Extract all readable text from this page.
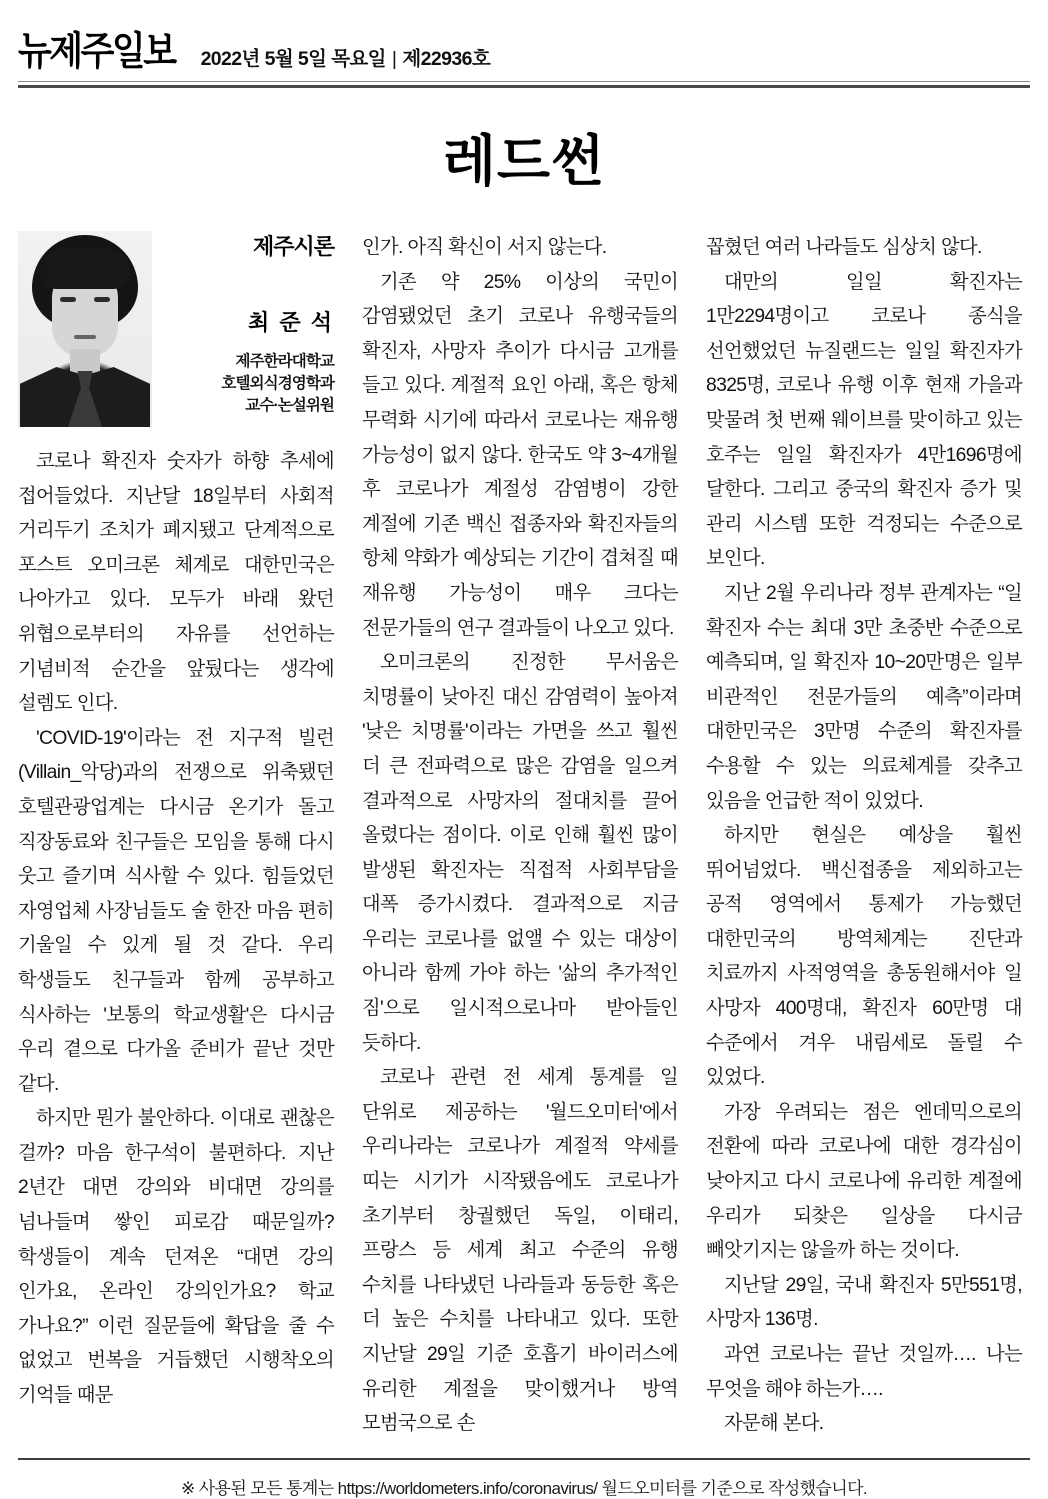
뉴제주일보 2022년 5월 5일 목요일 | 제22936호
레드썬
제주시론
최 준 석
제주한라대학교
호텔외식경영학과
교수·논설위원

코로나 확진자 숫자가 하향 추세에 접어들었다. 지난달 18일부터 사회적 거리두기 조치가 폐지됐고 단계적으로 포스트 오미크론 체계로 대한민국은 나아가고 있다. 모두가 바래 왔던 위협으로부터의 자유를 선언하는 기념비적 순간을 앞뒀다는 생각에 설렘도 인다.

'COVID-19'이라는 전 지구적 빌런(Villain_악당)과의 전쟁으로 위축됐던 호텔관광업계는 다시금 온기가 돌고 직장동료와 친구들은 모임을 통해 다시 웃고 즐기며 식사할 수 있다. 힘들었던 자영업체 사장님들도 술 한잔 마음 편히 기울일 수 있게 될 것 같다. 우리 학생들도 친구들과 함께 공부하고 식사하는 '보통의 학교생활'은 다시금 우리 곁으로 다가올 준비가 끝난 것만 같다.

하지만 뭔가 불안하다. 이대로 괜찮은 걸까? 마음 한구석이 불편하다. 지난 2년간 대면 강의와 비대면 강의를 넘나들며 쌓인 피로감 때문일까? 학생들이 계속 던져온 “대면 강의 인가요, 온라인 강의인가요? 학교 가나요?” 이런 질문들에 확답을 줄 수 없었고 번복을 거듭했던 시행착오의 기억들 때문

인가. 아직 확신이 서지 않는다.

기존 약 25% 이상의 국민이 감염됐었던 초기 코로나 유행국들의 확진자, 사망자 추이가 다시금 고개를 들고 있다. 계절적 요인 아래, 혹은 항체 무력화 시기에 따라서 코로나는 재유행 가능성이 없지 않다. 한국도 약 3~4개월 후 코로나가 계절성 감염병이 강한 계절에 기존 백신 접종자와 확진자들의 항체 약화가 예상되는 기간이 겹쳐질 때 재유행 가능성이 매우 크다는 전문가들의 연구 결과들이 나오고 있다.

오미크론의 진정한 무서움은 치명률이 낮아진 대신 감염력이 높아져 '낮은 치명률'이라는 가면을 쓰고 훨씬 더 큰 전파력으로 많은 감염을 일으켜 결과적으로 사망자의 절대치를 끌어 올렸다는 점이다. 이로 인해 훨씬 많이 발생된 확진자는 직접적 사회부담을 대폭 증가시켰다. 결과적으로 지금 우리는 코로나를 없앨 수 있는 대상이 아니라 함께 가야 하는 '삶의 추가적인 짐'으로 일시적으로나마 받아들인 듯하다.

코로나 관련 전 세계 통계를 일 단위로 제공하는 '월드오미터'에서 우리나라는 코로나가 계절적 약세를 띠는 시기가 시작됐음에도 코로나가 초기부터 창궐했던 독일, 이태리, 프랑스 등 세계 최고 수준의 유행 수치를 나타냈던 나라들과 동등한 혹은 더 높은 수치를 나타내고 있다. 또한 지난달 29일 기준 호흡기 바이러스에 유리한 계절을 맞이했거나 방역 모범국으로 손

꼽혔던 여러 나라들도 심상치 않다.

대만의 일일 확진자는 1만2294명이고 코로나 종식을 선언했었던 뉴질랜드는 일일 확진자가 8325명, 코로나 유행 이후 현재 가을과 맞물려 첫 번째 웨이브를 맞이하고 있는 호주는 일일 확진자가 4만1696명에 달한다. 그리고 중국의 확진자 증가 및 관리 시스템 또한 걱정되는 수준으로 보인다.

지난 2월 우리나라 정부 관계자는 “일 확진자 수는 최대 3만 초중반 수준으로 예측되며, 일 확진자 10~20만명은 일부 비관적인 전문가들의 예측”이라며 대한민국은 3만명 수준의 확진자를 수용할 수 있는 의료체계를 갖추고 있음을 언급한 적이 있었다.

하지만 현실은 예상을 훨씬 뛰어넘었다. 백신접종을 제외하고는 공적 영역에서 통제가 가능했던 대한민국의 방역체계는 진단과 치료까지 사적영역을 총동원해서야 일 사망자 400명대, 확진자 60만명 대 수준에서 겨우 내림세로 돌릴 수 있었다.

가장 우려되는 점은 엔데믹으로의 전환에 따라 코로나에 대한 경각심이 낮아지고 다시 코로나에 유리한 계절에 우리가 되찾은 일상을 다시금 빼앗기지는 않을까 하는 것이다.

지난달 29일, 국내 확진자 5만551명, 사망자 136명.

과연 코로나는 끝난 것일까…. 나는 무엇을 해야 하는가….

자문해 본다.

※ 사용된 모든 통계는 https://worldometers.info/coronavirus/ 월드오미터를 기준으로 작성했습니다.
